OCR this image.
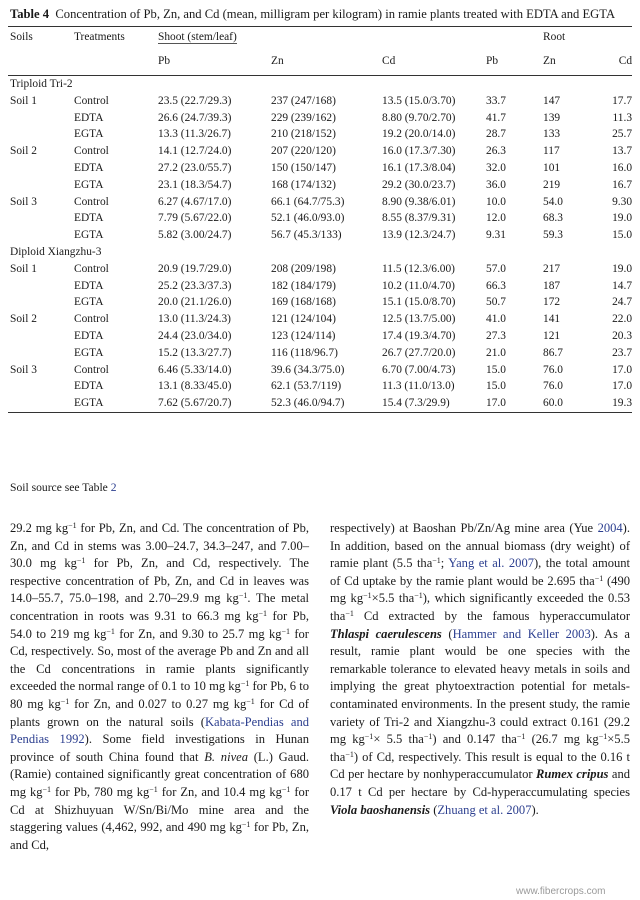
Table 4 Concentration of Pb, Zn, and Cd (mean, milligram per kilogram) in ramie plants treated with EDTA and EGTA
Soils	Treatments	Shoot (stem/leaf)				Root	
		Pb	Zn	Cd	Pb	Zn	Cd
Triploid Tri-2							
Soil 1	Control	23.5 (22.7/29.3)	237 (247/168)	13.5 (15.0/3.70)	33.7	147	17.7
	EDTA	26.6 (24.7/39.3)	229 (239/162)	8.80 (9.70/2.70)	41.7	139	11.3
	EGTA	13.3 (11.3/26.7)	210 (218/152)	19.2 (20.0/14.0)	28.7	133	25.7
Soil 2	Control	14.1 (12.7/24.0)	207 (220/120)	16.0 (17.3/7.30)	26.3	117	13.7
	EDTA	27.2 (23.0/55.7)	150 (150/147)	16.1 (17.3/8.04)	32.0	101	16.0
	EGTA	23.1 (18.3/54.7)	168 (174/132)	29.2 (30.0/23.7)	36.0	219	16.7
Soil 3	Control	6.27 (4.67/17.0)	66.1 (64.7/75.3)	8.90 (9.38/6.01)	10.0	54.0	9.30
	EDTA	7.79 (5.67/22.0)	52.1 (46.0/93.0)	8.55 (8.37/9.31)	12.0	68.3	19.0
	EGTA	5.82 (3.00/24.7)	56.7 (45.3/133)	13.9 (12.3/24.7)	9.31	59.3	15.0
Diploid Xiangzhu-3							
Soil 1	Control	20.9 (19.7/29.0)	208 (209/198)	11.5 (12.3/6.00)	57.0	217	19.0
	EDTA	25.2 (23.3/37.3)	182 (184/179)	10.2 (11.0/4.70)	66.3	187	14.7
	EGTA	20.0 (21.1/26.0)	169 (168/168)	15.1 (15.0/8.70)	50.7	172	24.7
Soil 2	Control	13.0 (11.3/24.3)	121 (124/104)	12.5 (13.7/5.00)	41.0	141	22.0
	EDTA	24.4 (23.0/34.0)	123 (124/114)	17.4 (19.3/4.70)	27.3	121	20.3
	EGTA	15.2 (13.3/27.7)	116 (118/96.7)	26.7 (27.7/20.0)	21.0	86.7	23.7
Soil 3	Control	6.46 (5.33/14.0)	39.6 (34.3/75.0)	6.70 (7.00/4.73)	15.0	76.0	17.0
	EDTA	13.1 (8.33/45.0)	62.1 (53.7/119)	11.3 (11.0/13.0)	15.0	76.0	17.0
	EGTA	7.62 (5.67/20.7)	52.3 (46.0/94.7)	15.4 (7.3/29.9)	17.0	60.0	19.3
Soil source see Table 2

29.2 mg $kg^{-1}$ for Pb, Zn, and Cd. The concentration of Pb, Zn, and Cd in stems was 3.00–24.7, 34.3–247, and 7.00–30.0 mg $kg^{-1}$ for Pb, Zn, and Cd, respectively. The respective concentration of Pb, Zn, and Cd in leaves was 14.0–55.7, 75.0–198, and 2.70–29.9 mg $kg^{-1}$. The metal concentration in roots was 9.31 to 66.3 mg $kg^{-1}$ for Pb, 54.0 to 219 mg $kg^{-1}$ for Zn, and 9.30 to 25.7 mg $kg^{-1}$ for Cd, respectively. So, most of the average Pb and Zn and all the Cd concentrations in ramie plants significantly exceeded the normal range of 0.1 to 10 mg $kg^{-1}$ for Pb, 6 to 80 mg $kg^{-1}$ for Zn, and 0.027 to 0.27 mg $kg^{-1}$ for Cd of plants grown on the natural soils (Kabata-Pendias and Pendias 1992). Some field investigations in Hunan province of south China found that B. nivea (L.) Gaud. (Ramie) contained significantly great concentration of 680 mg $kg^{-1}$ for Pb, 780 mg $kg^{-1}$ for Zn, and 10.4 mg $kg^{-1}$ for Cd at Shizhuyuan W/Sn/Bi/Mo mine area and the staggering values (4,462, 992, and 490 mg $kg^{-1}$ for Pb, Zn, and Cd,

respectively) at Baoshan Pb/Zn/Ag mine area (Yue 2004). In addition, based on the annual biomass (dry weight) of ramie plant (5.5 tha$^{-1}$; Yang et al. 2007), the total amount of Cd uptake by the ramie plant would be 2.695 tha$^{-1}$ (490 mg $kg^{-1}\times 5.5$ tha$^{-1}$), which significantly exceeded the 0.53 tha$^{-1}$ Cd extracted by the famous hyperaccumulator Thlaspi caerulescens (Hammer and Keller 2003). As a result, ramie plant would be one species with the remarkable tolerance to elevated heavy metals in soils and implying the great phytoextraction potential for metals-contaminated environments. In the present study, the ramie variety of Tri-2 and Xiangzhu-3 could extract 0.161 (29.2 mg $kg^{-1}\times 5.5$ tha$^{-1}$) and 0.147 tha$^{-1}$ (26.7 mg $kg^{-1}\times 5.5$ tha$^{-1}$) of Cd, respectively. This result is equal to the 0.16 t Cd per hectare by nonhyperaccumulator Rumex cripus and 0.17 t Cd per hectare by Cd-hyperaccumulating species Viola baoshanensis (Zhuang et al. 2007).

www.fibercrops.com
